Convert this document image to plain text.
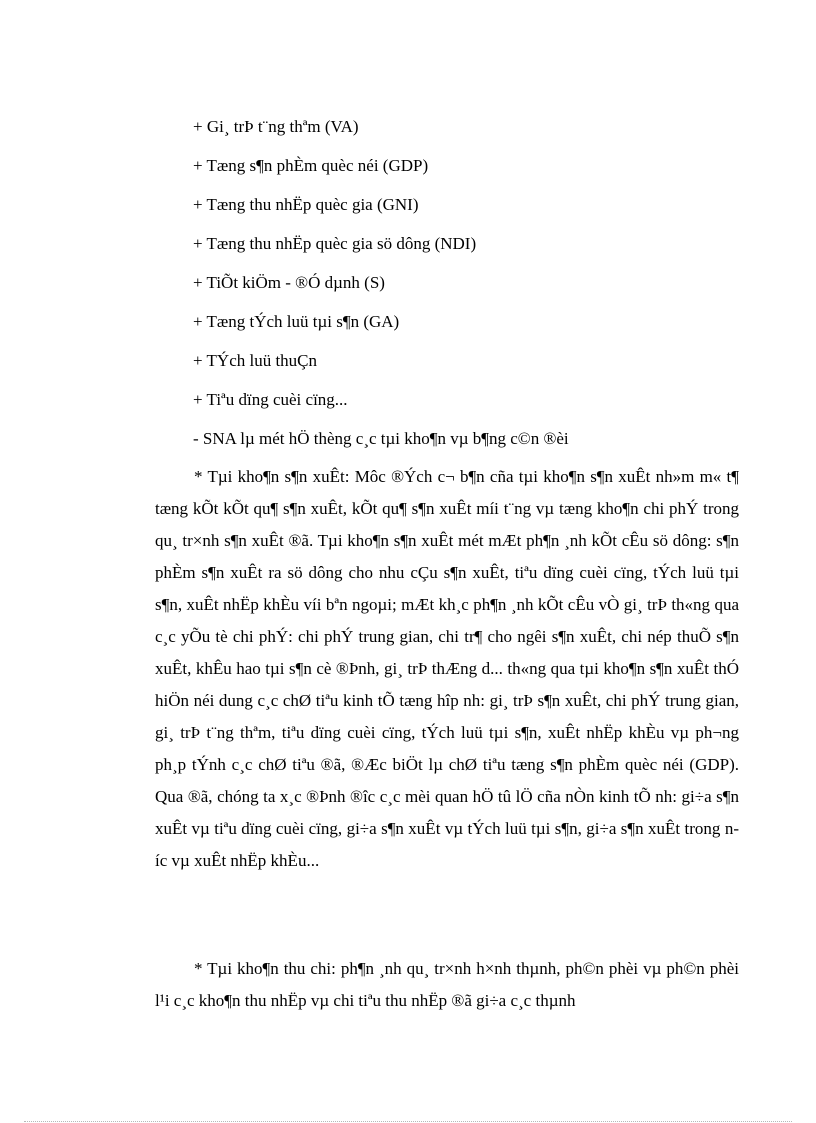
+ Gi¸ trÞ t¨ng thªm (VA)
+ Tæng s¶n phÈm quèc néi (GDP)
+ Tæng thu nhËp quèc gia (GNI)
+ Tæng thu nhËp quèc gia sö dông (NDI)
+ TiÕt kiÖm - ®Ó dµnh (S)
+ Tæng tÝch luü tµi s¶n (GA)
+ TÝch luü thuÇn
+ Tiªu dïng cuèi cïng...
- SNA lµ mét hÖ thèng c¸c tµi kho¶n vµ b¶ng c©n ®èi

* Tµi kho¶n s¶n xuÊt: Môc ®Ých c¬ b¶n cña tµi kho¶n s¶n xuÊt nh»m m« t¶ tæng kÕt kÕt qu¶ s¶n xuÊt, kÕt qu¶ s¶n xuÊt míi t¨ng vµ tæng kho¶n chi phÝ trong qu¸ tr×nh s¶n xuÊt ®ã. Tµi kho¶n s¶n xuÊt mét mÆt ph¶n ¸nh kÕt cÊu sö dông: s¶n phÈm s¶n xuÊt ra sö dông cho nhu cÇu s¶n xuÊt, tiªu dïng cuèi cïng, tÝch luü tµi s¶n, xuÊt nhËp khÈu víi bªn ngoµi; mÆt kh¸c ph¶n ¸nh kÕt cÊu vÒ gi¸ trÞ th«ng qua c¸c yÕu tè chi phÝ: chi phÝ trung gian, chi tr¶ cho ngêi s¶n xuÊt, chi nép thuÕ s¶n xuÊt, khÊu hao tµi s¶n cè ®Þnh, gi¸ trÞ thÆng d... th«ng qua tµi kho¶n s¶n xuÊt thÓ hiÖn néi dung c¸c chØ tiªu kinh tÕ tæng hîp nh: gi¸ trÞ s¶n xuÊt, chi phÝ trung gian, gi¸ trÞ t¨ng thªm, tiªu dïng cuèi cïng, tÝch luü tµi s¶n, xuÊt nhËp khÈu vµ ph¬ng ph¸p tÝnh c¸c chØ tiªu ®ã, ®Æc biÖt lµ chØ tiªu tæng s¶n phÈm quèc néi (GDP). Qua ®ã, chóng ta x¸c ®Þnh ®îc c¸c mèi quan hÖ tû lÖ cña nÒn kinh tÕ nh: gi÷a s¶n xuÊt vµ tiªu dïng cuèi cïng, gi÷a s¶n xuÊt vµ tÝch luü tµi s¶n, gi÷a s¶n xuÊt trong níc vµ xuÊt nhËp khÈu...

* Tµi kho¶n thu chi: ph¶n ¸nh qu¸ tr×nh h×nh thµnh, ph©n phèi vµ ph©n phèi l¹i c¸c kho¶n thu nhËp vµ chi tiªu thu nhËp ®ã gi÷a c¸c thµnh
